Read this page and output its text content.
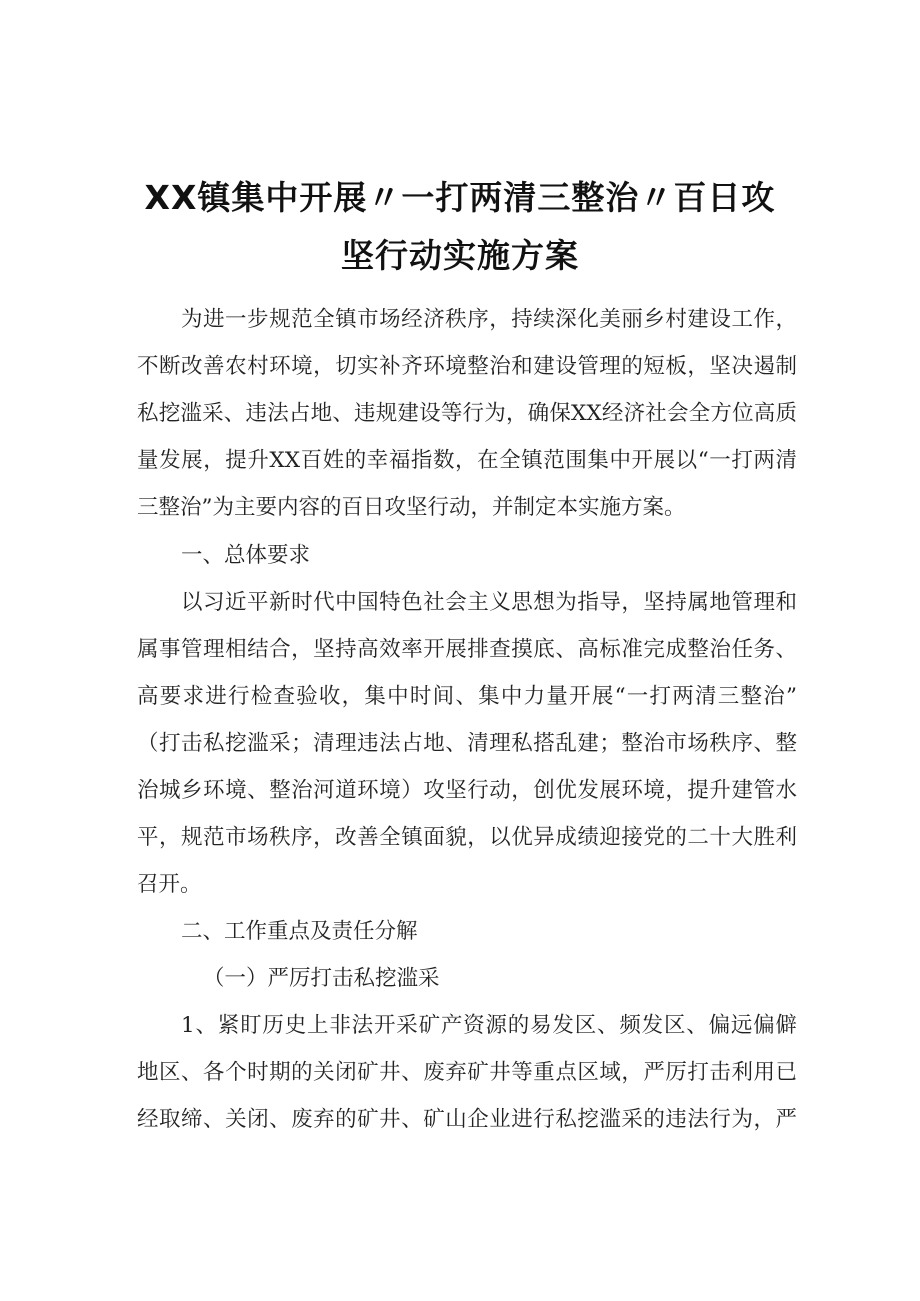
XX镇集中开展〃一打两清三整治〃百日攻
坚行动实施方案
为进一步规范全镇市场经济秩序，持续深化美丽乡村建设工作，
不断改善农村环境，切实补齐环境整治和建设管理的短板，坚决遏制
私挖滥采、违法占地、违规建设等行为，确保XX经济社会全方位高质
量发展，提升XX百姓的幸福指数，在全镇范围集中开展以“一打两清
三整治”为主要内容的百日攻坚行动，并制定本实施方案。
一、总体要求
以习近平新时代中国特色社会主义思想为指导，坚持属地管理和
属事管理相结合，坚持高效率开展排查摸底、高标准完成整治任务、
高要求进行检查验收，集中时间、集中力量开展“一打两清三整治”
（打击私挖滥采；清理违法占地、清理私搭乱建；整治市场秩序、整
治城乡环境、整治河道环境）攻坚行动，创优发展环境，提升建管水
平，规范市场秩序，改善全镇面貌，以优异成绩迎接党的二十大胜利
召开。
二、工作重点及责任分解
（一）严厉打击私挖滥采
1、紧盯历史上非法开采矿产资源的易发区、频发区、偏远偏僻
地区、各个时期的关闭矿井、废弃矿井等重点区域，严厉打击利用已
经取缔、关闭、废弃的矿井、矿山企业进行私挖滥采的违法行为，严
